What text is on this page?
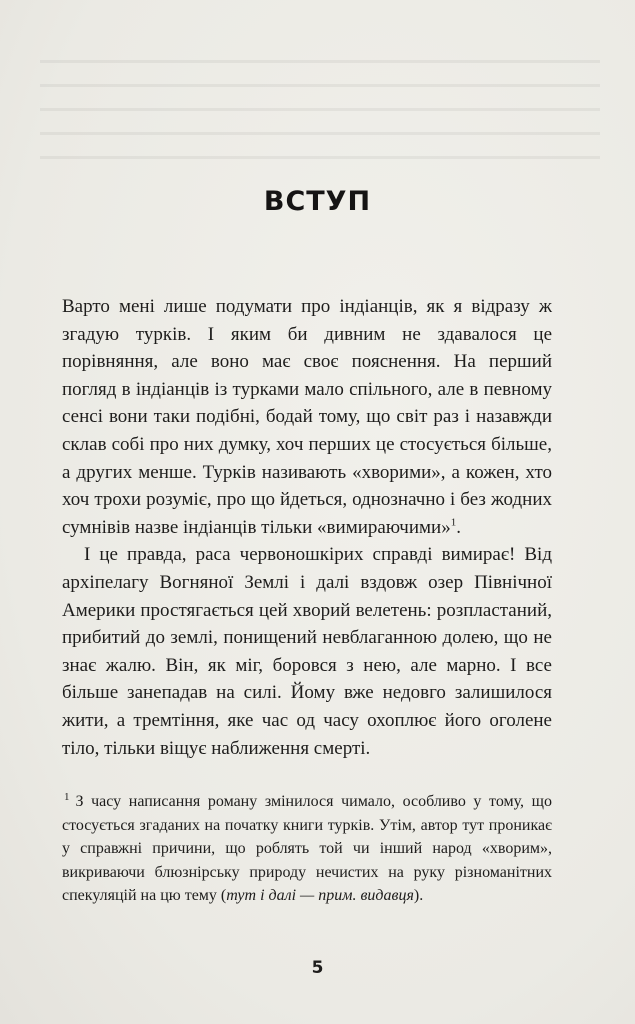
ВСТУП

Варто мені лише подумати про індіанців, як я відразу ж згадую турків. І яким би дивним не здавалося це порівняння, але воно має своє пояснення. На перший погляд в індіанців із турками мало спільного, але в певному сенсі вони таки подібні, бодай тому, що світ раз і назавжди склав собі про них думку, хоч перших це стосується більше, а других менше. Турків називають «хворими», а кожен, хто хоч трохи розуміє, про що йдеться, однозначно і без жодних сумнівів назве індіанців тільки «вимираючими»$^1$.

І це правда, раса червоношкірих справді вимирає! Від архіпелагу Вогняної Землі і далі вздовж озер Північної Америки простягається цей хворий велетень: розпластаний, прибитий до землі, понищений невблаганною долею, що не знає жалю. Він, як міг, боровся з нею, але марно. І все більше занепадав на силі. Йому вже недовго залишилося жити, а тремтіння, яке час од часу охоплює його оголене тіло, тільки віщує наближення смерті.

$^1$ З часу написання роману змінилося чимало, особливо у тому, що стосується згаданих на початку книги турків. Утім, автор тут проникає у справжні причини, що роблять той чи інший народ «хворим», викриваючи блюзнірську природу нечистих на руку різноманітних спекуляцій на цю тему (тут і далі — прим. видавця).
5
